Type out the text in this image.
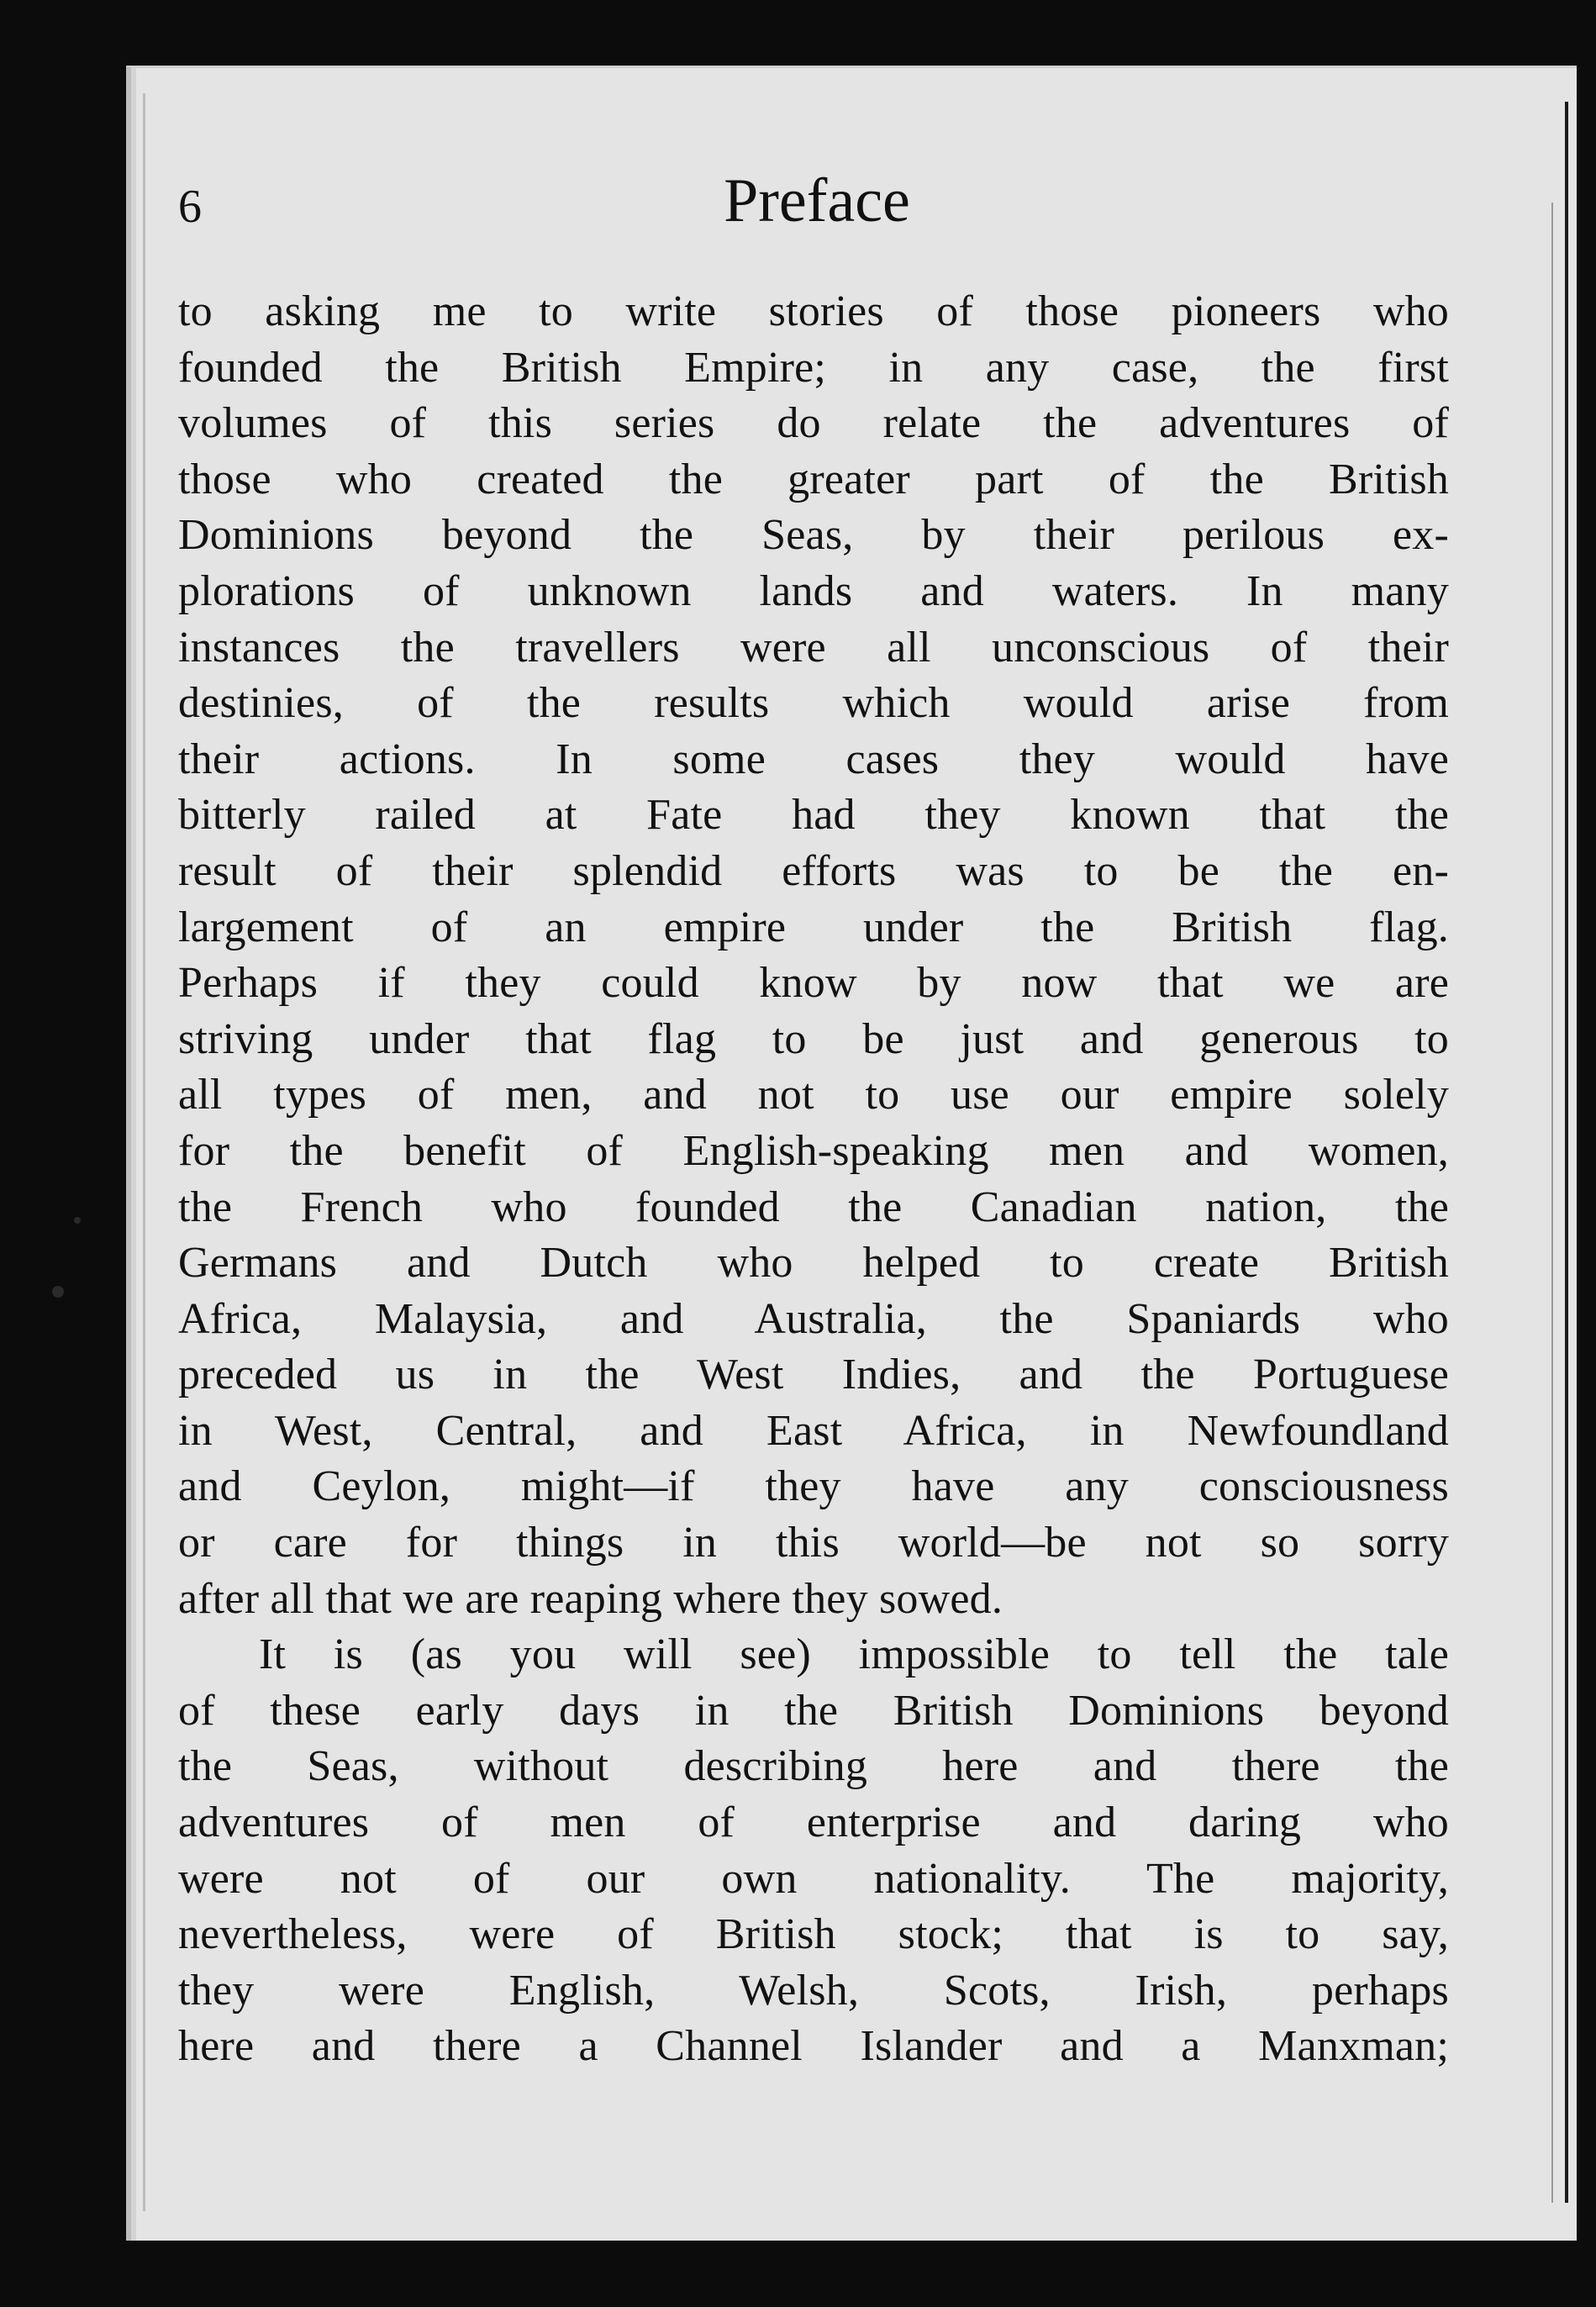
6	Preface
to asking me to write stories of those pioneers who
founded the British Empire; in any case, the first
volumes of this series do relate the adventures of
those who created the greater part of the British
Dominions beyond the Seas, by their perilous ex-
plorations of unknown lands and waters. In many
instances the travellers were all unconscious of their
destinies, of the results which would arise from
their actions. In some cases they would have
bitterly railed at Fate had they known that the
result of their splendid efforts was to be the en-
largement of an empire under the British flag.
Perhaps if they could know by now that we are
striving under that flag to be just and generous to
all types of men, and not to use our empire solely
for the benefit of English-speaking men and women,
the French who founded the Canadian nation, the
Germans and Dutch who helped to create British
Africa, Malaysia, and Australia, the Spaniards who
preceded us in the West Indies, and the Portuguese
in West, Central, and East Africa, in Newfoundland
and Ceylon, might—if they have any consciousness
or care for things in this world—be not so sorry
after all that we are reaping where they sowed.
It is (as you will see) impossible to tell the tale
of these early days in the British Dominions beyond
the Seas, without describing here and there the
adventures of men of enterprise and daring who
were not of our own nationality. The majority,
nevertheless, were of British stock; that is to say,
they were English, Welsh, Scots, Irish, perhaps
here and there a Channel Islander and a Manxman;
